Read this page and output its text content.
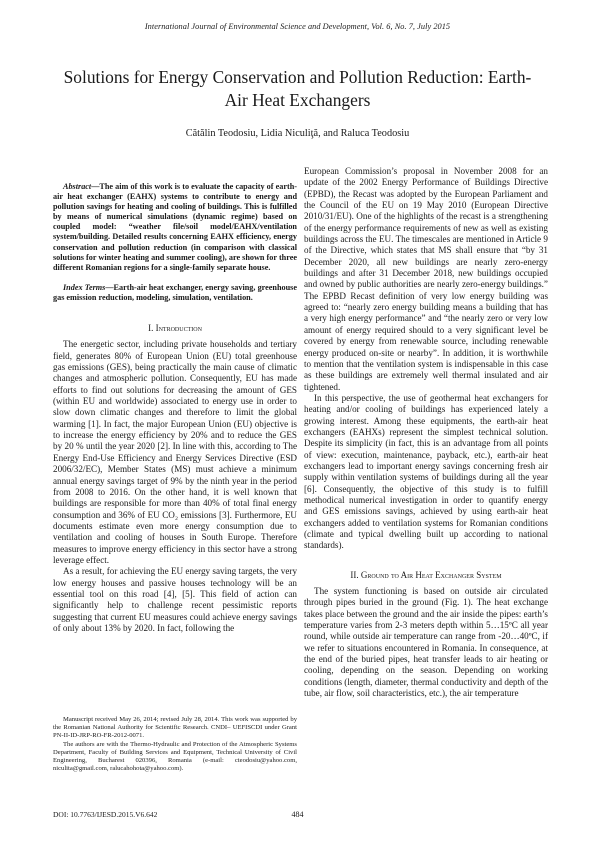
International Journal of Environmental Science and Development, Vol. 6, No. 7, July 2015
Solutions for Energy Conservation and Pollution Reduction: Earth-Air Heat Exchangers
Cătălin Teodosiu, Lidia Niculiţă, and Raluca Teodosiu

Abstract—The aim of this work is to evaluate the capacity of earth-air heat exchanger (EAHX) systems to contribute to energy and pollution savings for heating and cooling of buildings. This is fulfilled by means of numerical simulations (dynamic regime) based on coupled model: “weather file/soil model/EAHX/ventilation system/building. Detailed results concerning EAHX efficiency, energy conservation and pollution reduction (in comparison with classical solutions for winter heating and summer cooling), are shown for three different Romanian regions for a single-family separate house.

Index Terms—Earth-air heat exchanger, energy saving, greenhouse gas emission reduction, modeling, simulation, ventilation.

I. Introduction

The energetic sector, including private households and tertiary field, generates 80% of European Union (EU) total greenhouse gas emissions (GES), being practically the main cause of climatic changes and atmospheric pollution. Consequently, EU has made efforts to find out solutions for decreasing the amount of GES (within EU and worldwide) associated to energy use in order to slow down climatic changes and therefore to limit the global warming [1]. In fact, the major European Union (EU) objective is to increase the energy efficiency by 20% and to reduce the GES by 20 % until the year 2020 [2]. In line with this, according to The Energy End-Use Efficiency and Energy Services Directive (ESD 2006/32/EC), Member States (MS) must achieve a minimum annual energy savings target of 9% by the ninth year in the period from 2008 to 2016. On the other hand, it is well known that buildings are responsible for more than 40% of total final energy consumption and 36% of EU CO₂ emissions [3]. Furthermore, EU documents estimate even more energy consumption due to ventilation and cooling of houses in South Europe. Therefore measures to improve energy efficiency in this sector have a strong leverage effect.

As a result, for achieving the EU energy saving targets, the very low energy houses and passive houses technology will be an essential tool on this road [4], [5]. This field of action can significantly help to challenge recent pessimistic reports suggesting that current EU measures could achieve energy savings of only about 13% by 2020. In fact, following the

European Commission’s proposal in November 2008 for an update of the 2002 Energy Performance of Buildings Directive (EPBD), the Recast was adopted by the European Parliament and the Council of the EU on 19 May 2010 (European Directive 2010/31/EU). One of the highlights of the recast is a strengthening of the energy performance requirements of new as well as existing buildings across the EU. The timescales are mentioned in Article 9 of the Directive, which states that MS shall ensure that “by 31 December 2020, all new buildings are nearly zero-energy buildings and after 31 December 2018, new buildings occupied and owned by public authorities are nearly zero-energy buildings.” The EPBD Recast definition of very low energy building was agreed to: “nearly zero energy building means a building that has a very high energy performance” and “the nearly zero or very low amount of energy required should to a very significant level be covered by energy from renewable source, including renewable energy produced on-site or nearby”. In addition, it is worthwhile to mention that the ventilation system is indispensable in this case as these buildings are extremely well thermal insulated and air tightened.

In this perspective, the use of geothermal heat exchangers for heating and/or cooling of buildings has experienced lately a growing interest. Among these equipments, the earth-air heat exchangers (EAHXs) represent the simplest technical solution. Despite its simplicity (in fact, this is an advantage from all points of view: execution, maintenance, payback, etc.), earth-air heat exchangers lead to important energy savings concerning fresh air supply within ventilation systems of buildings during all the year [6]. Consequently, the objective of this study is to fulfill methodical numerical investigation in order to quantify energy and GES emissions savings, achieved by using earth-air heat exchangers added to ventilation systems for Romanian conditions (climate and typical dwelling built up according to national standards).

II. Ground to Air Heat Exchanger System

The system functioning is based on outside air circulated through pipes buried in the ground (Fig. 1). The heat exchange takes place between the ground and the air inside the pipes: earth’s temperature varies from 2-3 meters depth within 5…15ºC all year round, while outside air temperature can range from -20…40ºC, if we refer to situations encountered in Romania. In consequence, at the end of the buried pipes, heat transfer leads to air heating or cooling, depending on the season. Depending on working conditions (length, diameter, thermal conductivity and depth of the tube, air flow, soil characteristics, etc.), the air temperature

Manuscript received May 26, 2014; revised July 28, 2014. This work was supported by the Romanian National Authority for Scientific Research. CNDI– UEFISCDI under Grant PN-II-ID-JRP-RO-FR-2012-0071.

The authors are with the Thermo-Hydraulic and Protection of the Atmospheric Systems Department, Faculty of Building Services and Equipment, Technical University of Civil Engineering, Bucharest 020396, Romania (e-mail: cteodosiu@yahoo.com, niculita@gmail.com, ralucahohota@yahoo.com).

DOI: 10.7763/IJESD.2015.V6.642	484
